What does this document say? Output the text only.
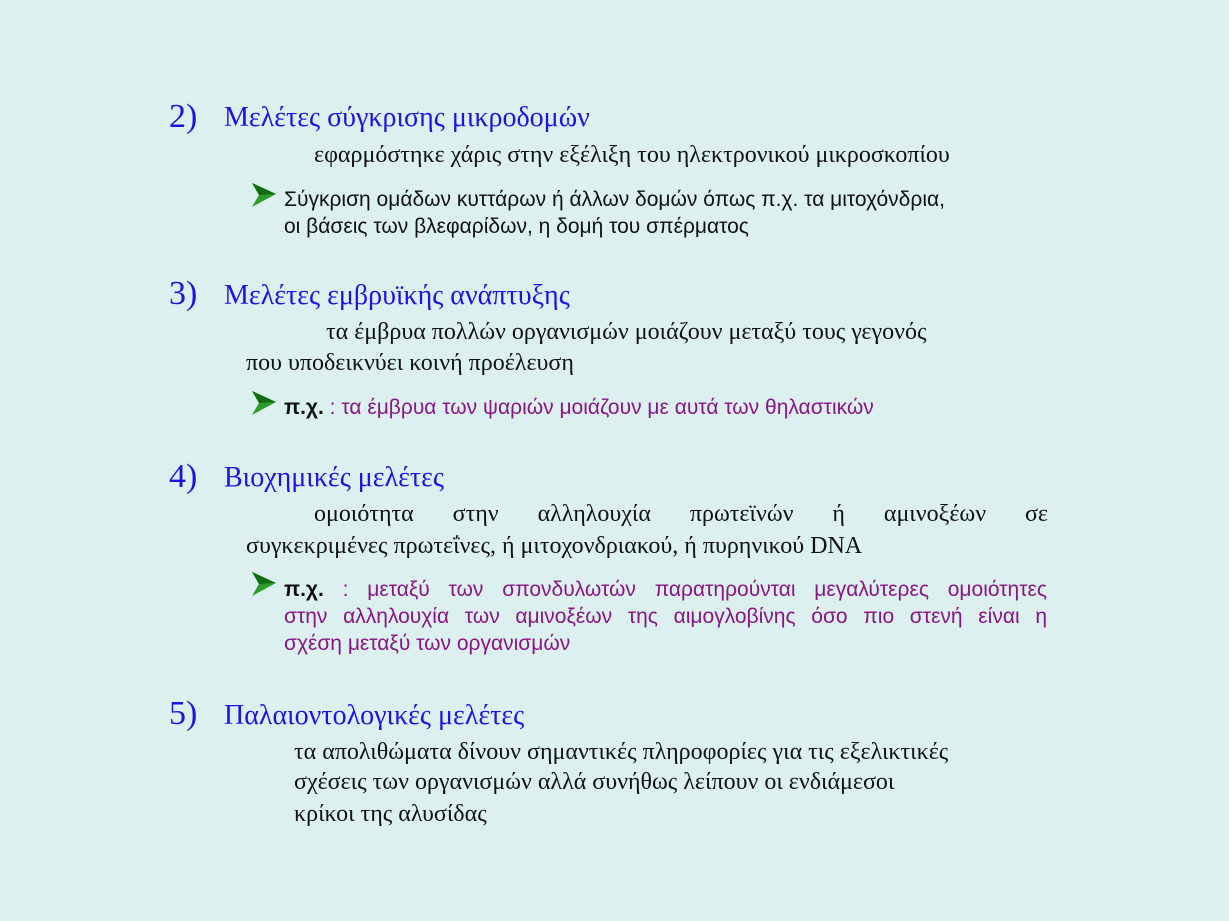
2) Μελέτες σύγκρισης μικροδομών
εφαρμόστηκε χάρις στην εξέλιξη του ηλεκτρονικού μικροσκοπίου
Σύγκριση ομάδων κυττάρων ή άλλων δομών όπως π.χ. τα μιτοχόνδρια,
οι βάσεις των βλεφαρίδων, η δομή του σπέρματος
3) Μελέτες εμβρυϊκής ανάπτυξης
τα έμβρυα πολλών οργανισμών μοιάζουν μεταξύ τους γεγονός
που υποδεικνύει κοινή προέλευση
π.χ. : τα έμβρυα των ψαριών μοιάζουν με αυτά των θηλαστικών
4) Βιοχημικές μελέτες
ομοιότητα στην αλληλουχία πρωτεϊνών ή αμινοξέων σε
συγκεκριμένες πρωτεΐνες, ή μιτοχονδριακού, ή πυρηνικού DNA
π.χ. : μεταξύ των σπονδυλωτών παρατηρούνται μεγαλύτερες ομοιότητες
στην αλληλουχία των αμινοξέων της αιμογλοβίνης όσο πιο στενή είναι η
σχέση μεταξύ των οργανισμών
5) Παλαιοντολογικές μελέτες
τα απολιθώματα δίνουν σημαντικές πληροφορίες για τις εξελικτικές
σχέσεις των οργανισμών αλλά συνήθως λείπουν οι ενδιάμεσοι
κρίκοι της αλυσίδας
